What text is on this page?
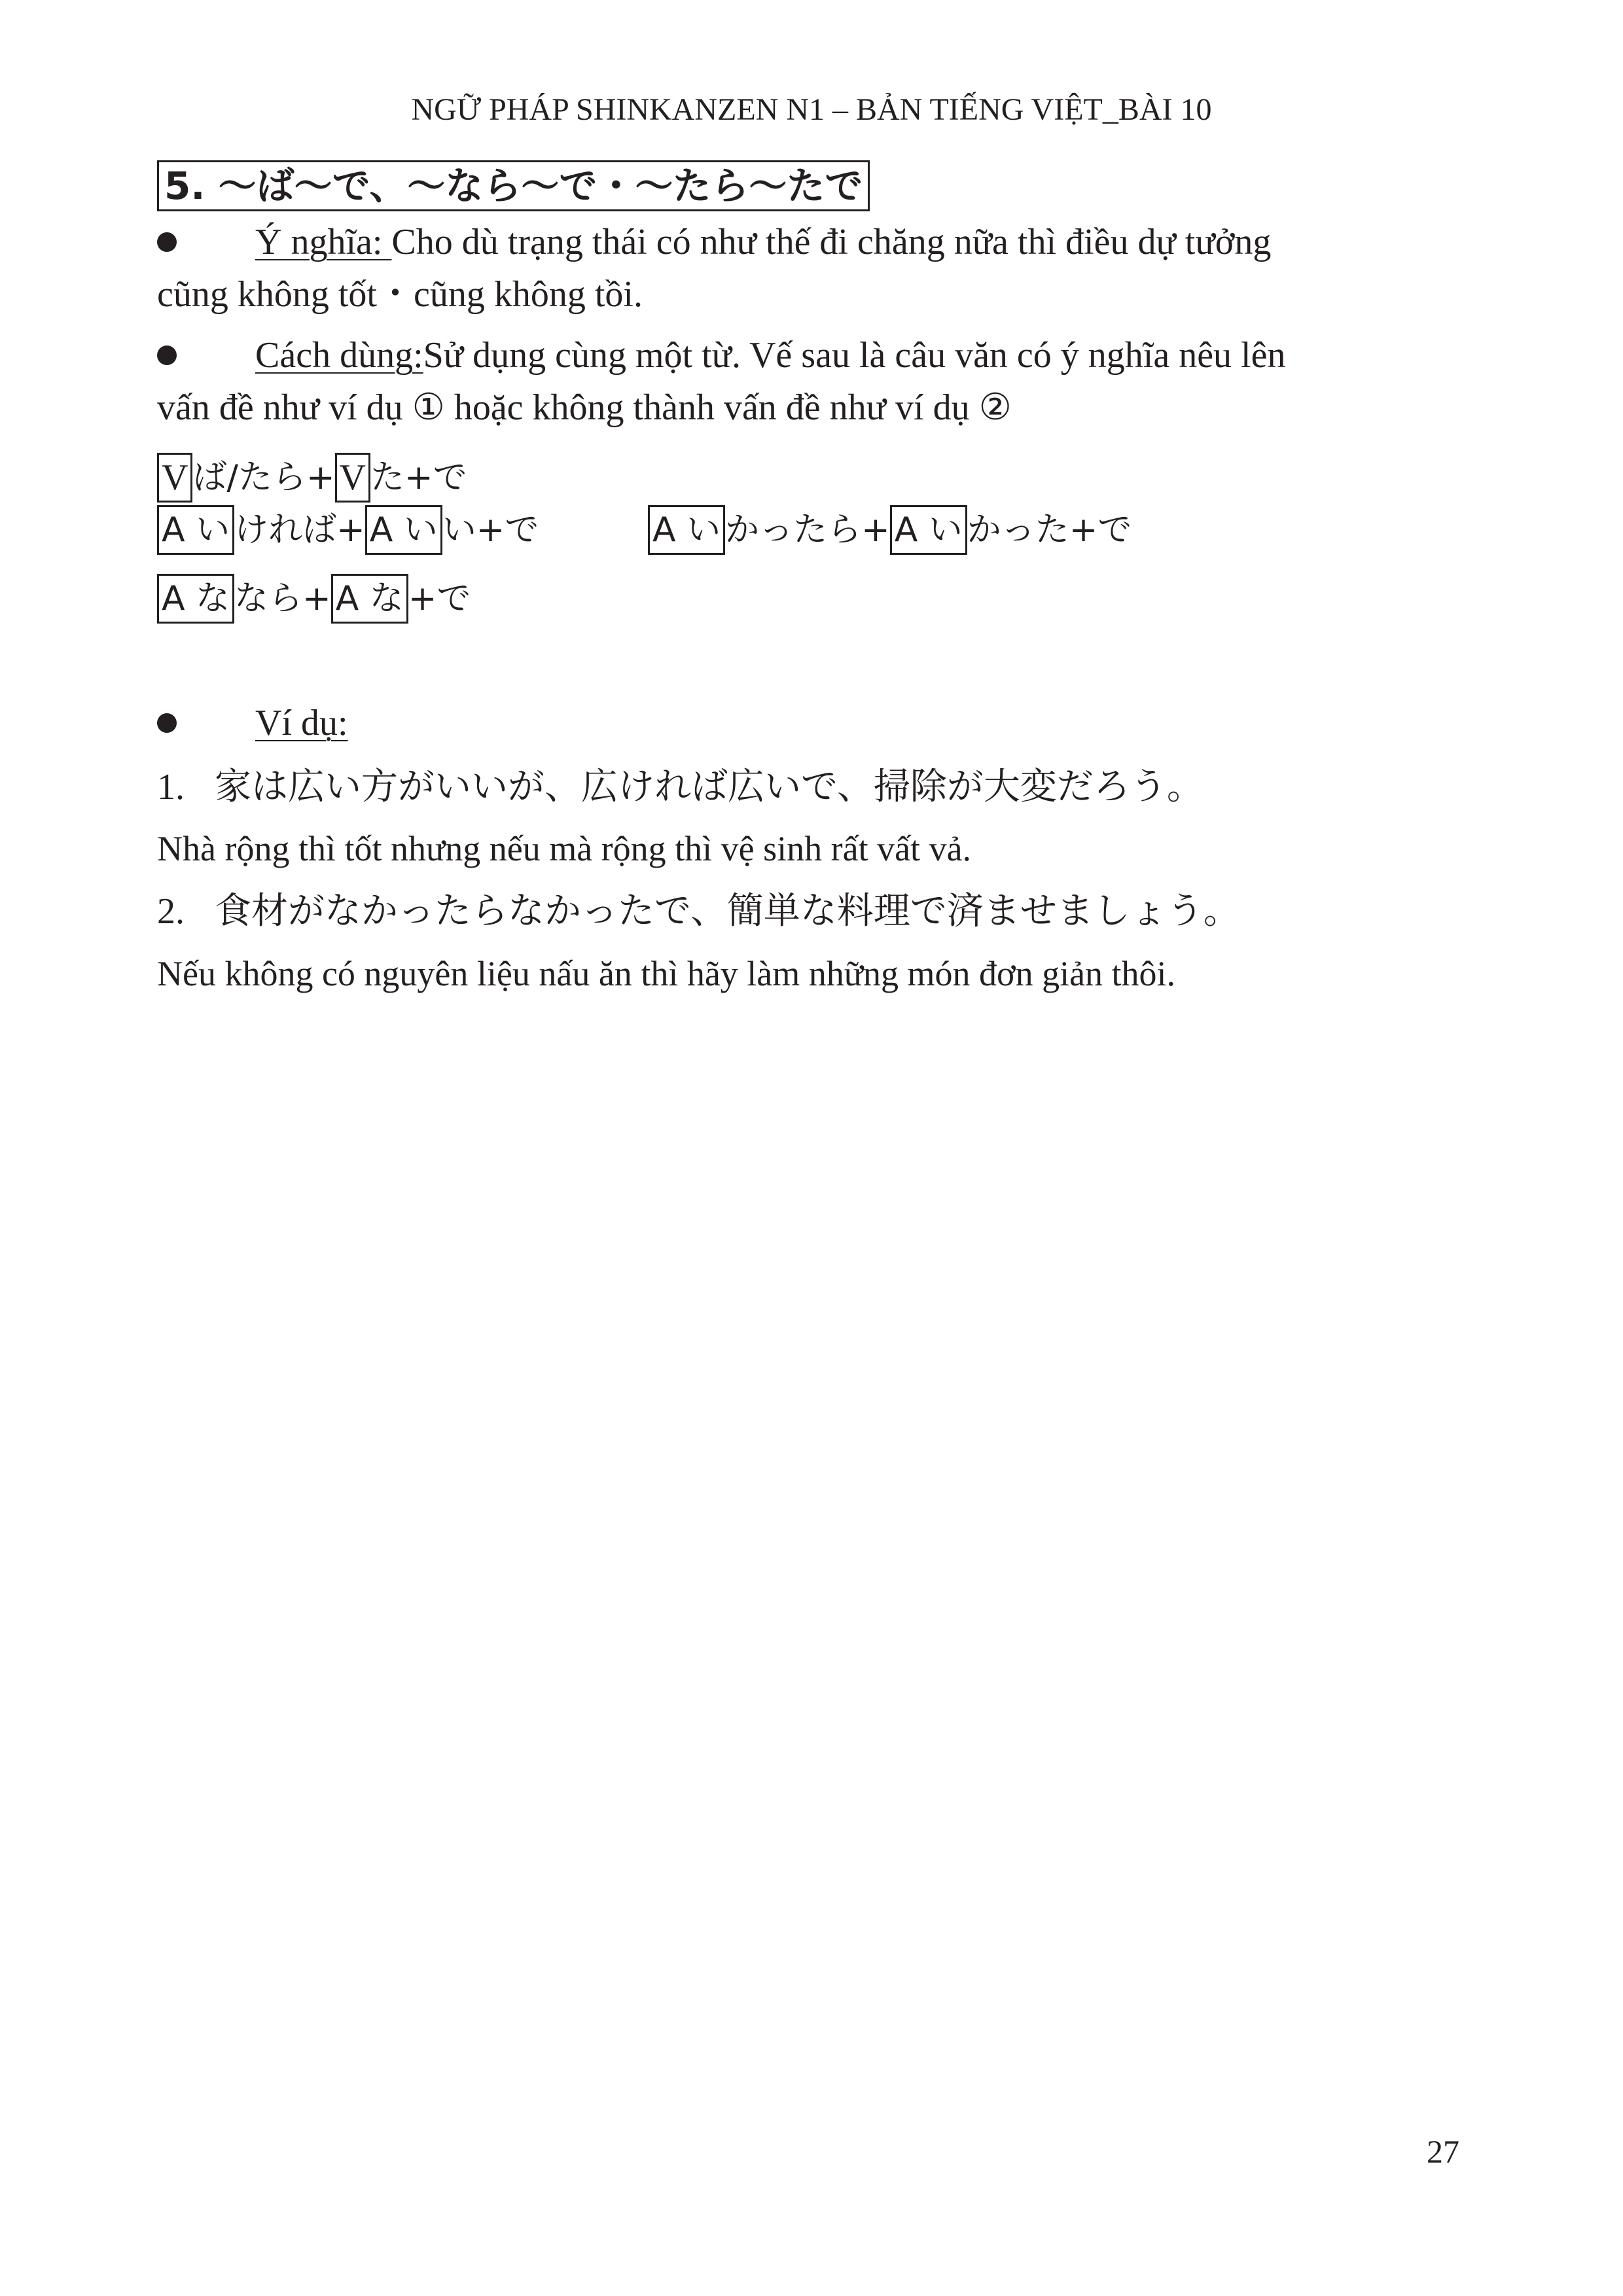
NGỮ PHÁP SHINKANZEN N1 – BẢN TIẾNG VIỆT_BÀI 10
5. ～ば～で、～なら～で・～たら～たで
Ý nghĩa: Cho dù trạng thái có như thế đi chăng nữa thì điều dự tưởng
cũng không tốt・cũng không tồi.
Cách dùng:Sử dụng cùng một từ. Vế sau là câu văn có ý nghĩa nêu lên
vấn đề như ví dụ ① hoặc không thành vấn đề như ví dụ ②
V ば/たら+ V た+で
A い ければ+ A い い+で	A い かったら+ A い かった+で
A な なら+ A な +で
Ví dụ:
1. 家は広い方がいいが、広ければ広いで、掃除が大変だろう。
Nhà rộng thì tốt nhưng nếu mà rộng thì vệ sinh rất vất vả.
2. 食材がなかったらなかったで、簡単な料理で済ませましょう。
Nếu không có nguyên liệu nấu ăn thì hãy làm những món đơn giản thôi.
27
